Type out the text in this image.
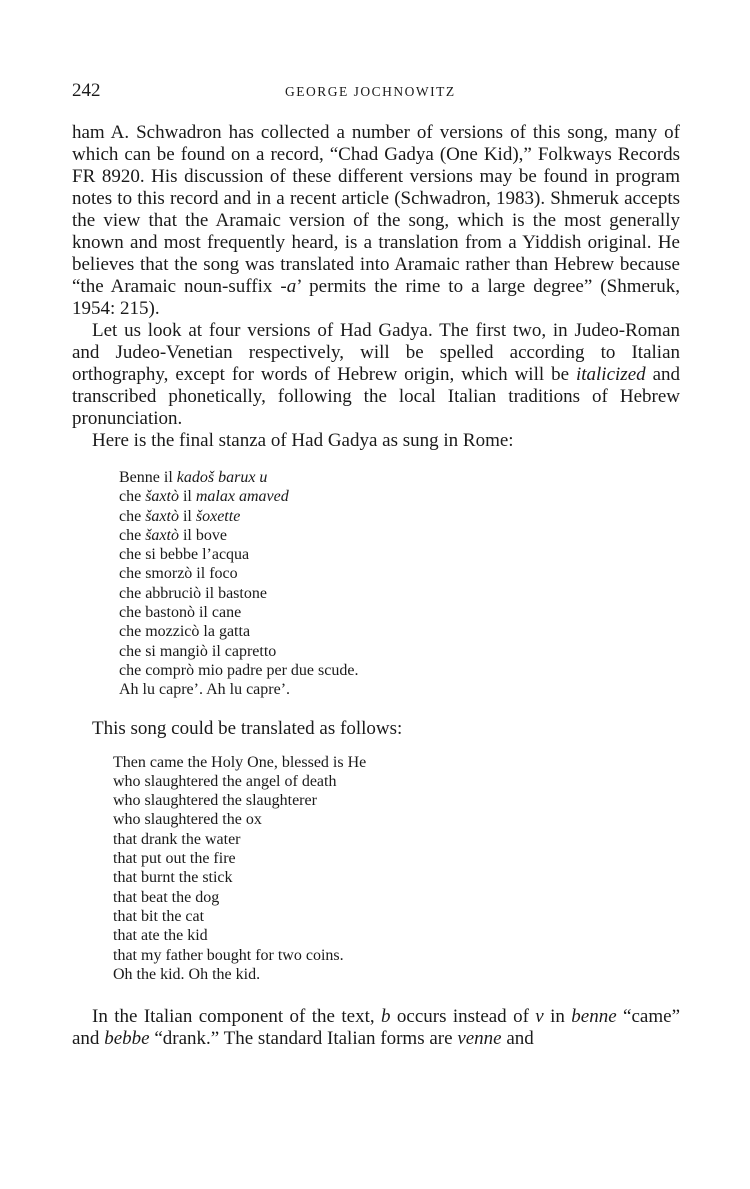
242	GEORGE JOCHNOWITZ

ham A. Schwadron has collected a number of versions of this song, many of which can be found on a record, “Chad Gadya (One Kid),” Folkways Records FR 8920. His discussion of these different versions may be found in program notes to this record and in a recent article (Schwadron, 1983). Shmeruk accepts the view that the Aramaic version of the song, which is the most generally known and most frequently heard, is a translation from a Yiddish original. He believes that the song was translated into Aramaic rather than Hebrew because “the Aramaic noun-suffix -a’ permits the rime to a large degree” (Shmeruk, 1954: 215).

Let us look at four versions of Had Gadya. The first two, in Judeo-Roman and Judeo-Venetian respectively, will be spelled according to Italian orthography, except for words of Hebrew origin, which will be italicized and transcribed phonetically, following the local Italian traditions of Hebrew pronunciation.

Here is the final stanza of Had Gadya as sung in Rome:

Benne il kadoš barux u
che šaxtò il malax amaved
che šaxtò il šoxette
che šaxtò il bove
che si bebbe l’acqua
che smorzò il foco
che abbruciò il bastone
che bastonò il cane
che mozzicò la gatta
che si mangiò il capretto
che comprò mio padre per due scude.
Ah lu capre’. Ah lu capre’.

This song could be translated as follows:

Then came the Holy One, blessed is He
who slaughtered the angel of death
who slaughtered the slaughterer
who slaughtered the ox
that drank the water
that put out the fire
that burnt the stick
that beat the dog
that bit the cat
that ate the kid
that my father bought for two coins.
Oh the kid. Oh the kid.

In the Italian component of the text, b occurs instead of v in benne “came” and bebbe “drank.” The standard Italian forms are venne and
